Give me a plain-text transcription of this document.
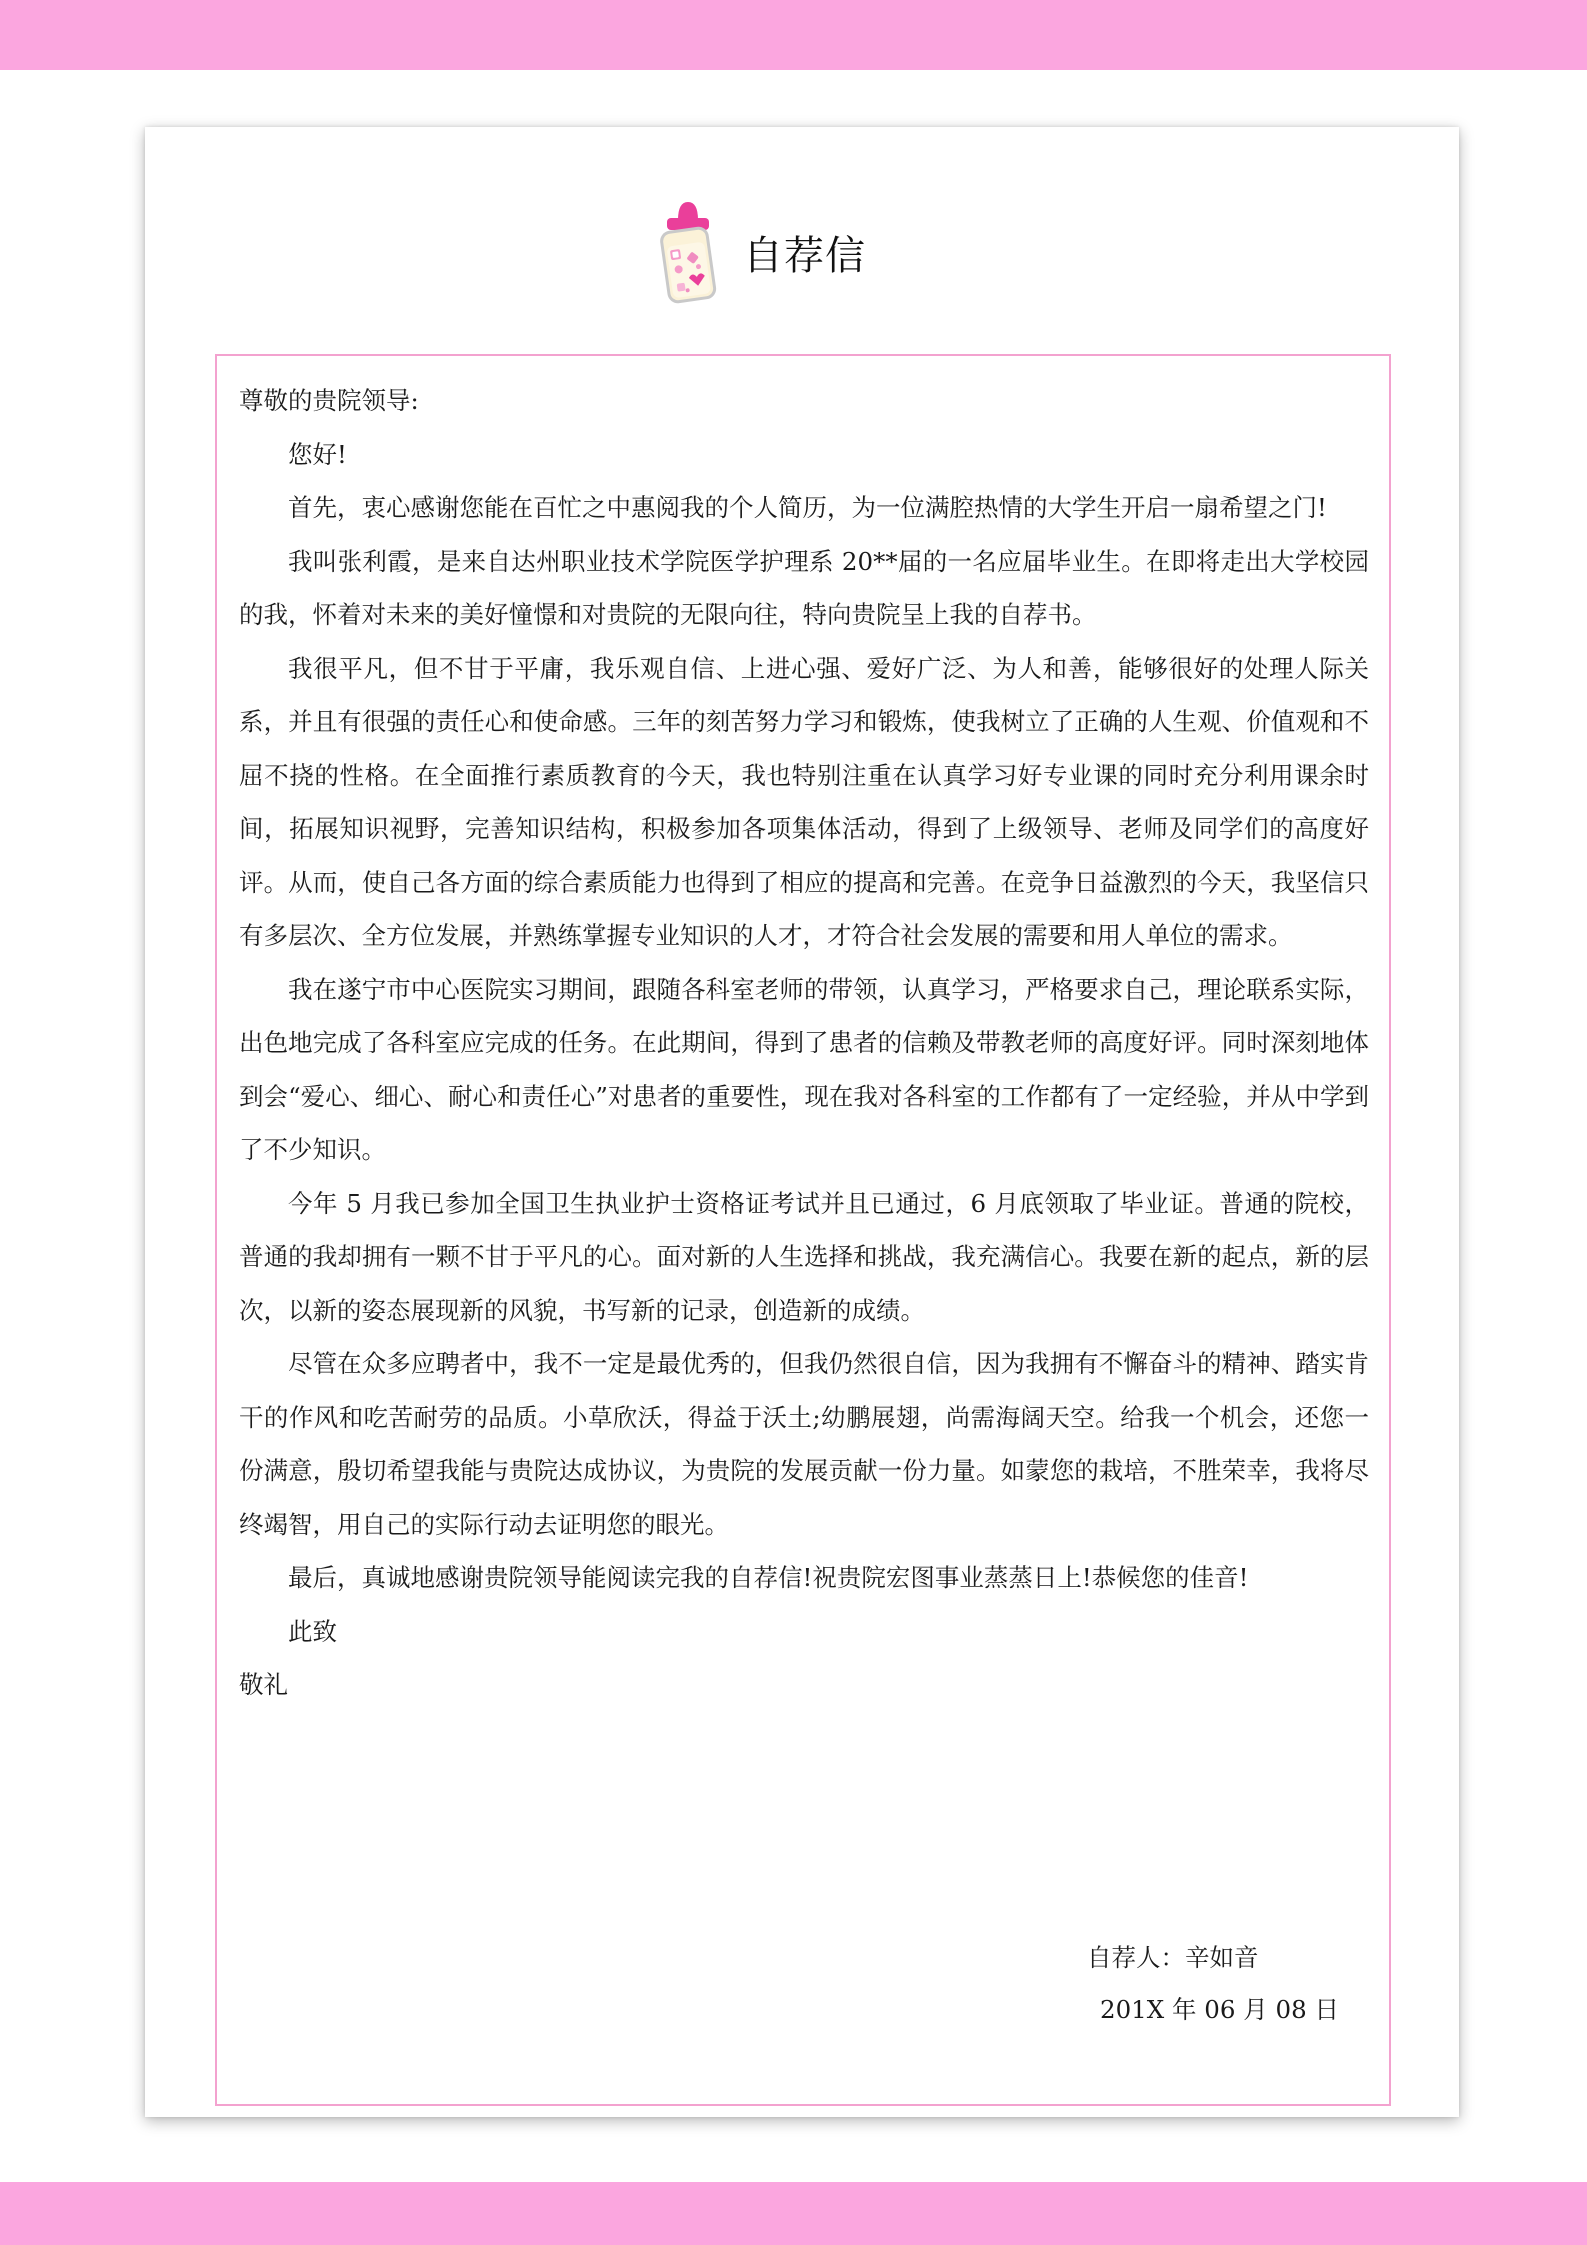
自荐信

尊敬的贵院领导:

您好!

首先，衷心感谢您能在百忙之中惠阅我的个人简历，为一位满腔热情的大学生开启一扇希望之门!

我叫张利霞，是来自达州职业技术学院医学护理系 20**届的一名应届毕业生。在即将走出大学校园的我，怀着对未来的美好憧憬和对贵院的无限向往，特向贵院呈上我的自荐书。

我很平凡，但不甘于平庸，我乐观自信、上进心强、爱好广泛、为人和善，能够很好的处理人际关系，并且有很强的责任心和使命感。三年的刻苦努力学习和锻炼，使我树立了正确的人生观、价值观和不屈不挠的性格。在全面推行素质教育的今天，我也特别注重在认真学习好专业课的同时充分利用课余时间，拓展知识视野，完善知识结构，积极参加各项集体活动，得到了上级领导、老师及同学们的高度好评。从而，使自己各方面的综合素质能力也得到了相应的提高和完善。在竞争日益激烈的今天，我坚信只有多层次、全方位发展，并熟练掌握专业知识的人才，才符合社会发展的需要和用人单位的需求。

我在遂宁市中心医院实习期间，跟随各科室老师的带领，认真学习，严格要求自己，理论联系实际，出色地完成了各科室应完成的任务。在此期间，得到了患者的信赖及带教老师的高度好评。同时深刻地体到会“爱心、细心、耐心和责任心”对患者的重要性，现在我对各科室的工作都有了一定经验，并从中学到了不少知识。

今年 5 月我已参加全国卫生执业护士资格证考试并且已通过，6 月底领取了毕业证。普通的院校，普通的我却拥有一颗不甘于平凡的心。面对新的人生选择和挑战，我充满信心。我要在新的起点，新的层次，以新的姿态展现新的风貌，书写新的记录，创造新的成绩。

尽管在众多应聘者中，我不一定是最优秀的，但我仍然很自信，因为我拥有不懈奋斗的精神、踏实肯干的作风和吃苦耐劳的品质。小草欣沃，得益于沃土;幼鹏展翅，尚需海阔天空。给我一个机会，还您一份满意，殷切希望我能与贵院达成协议，为贵院的发展贡献一份力量。如蒙您的栽培，不胜荣幸，我将尽终竭智，用自己的实际行动去证明您的眼光。

最后，真诚地感谢贵院领导能阅读完我的自荐信!祝贵院宏图事业蒸蒸日上!恭候您的佳音!

此致

敬礼

自荐人：辛如音
201X 年 06 月 08 日
